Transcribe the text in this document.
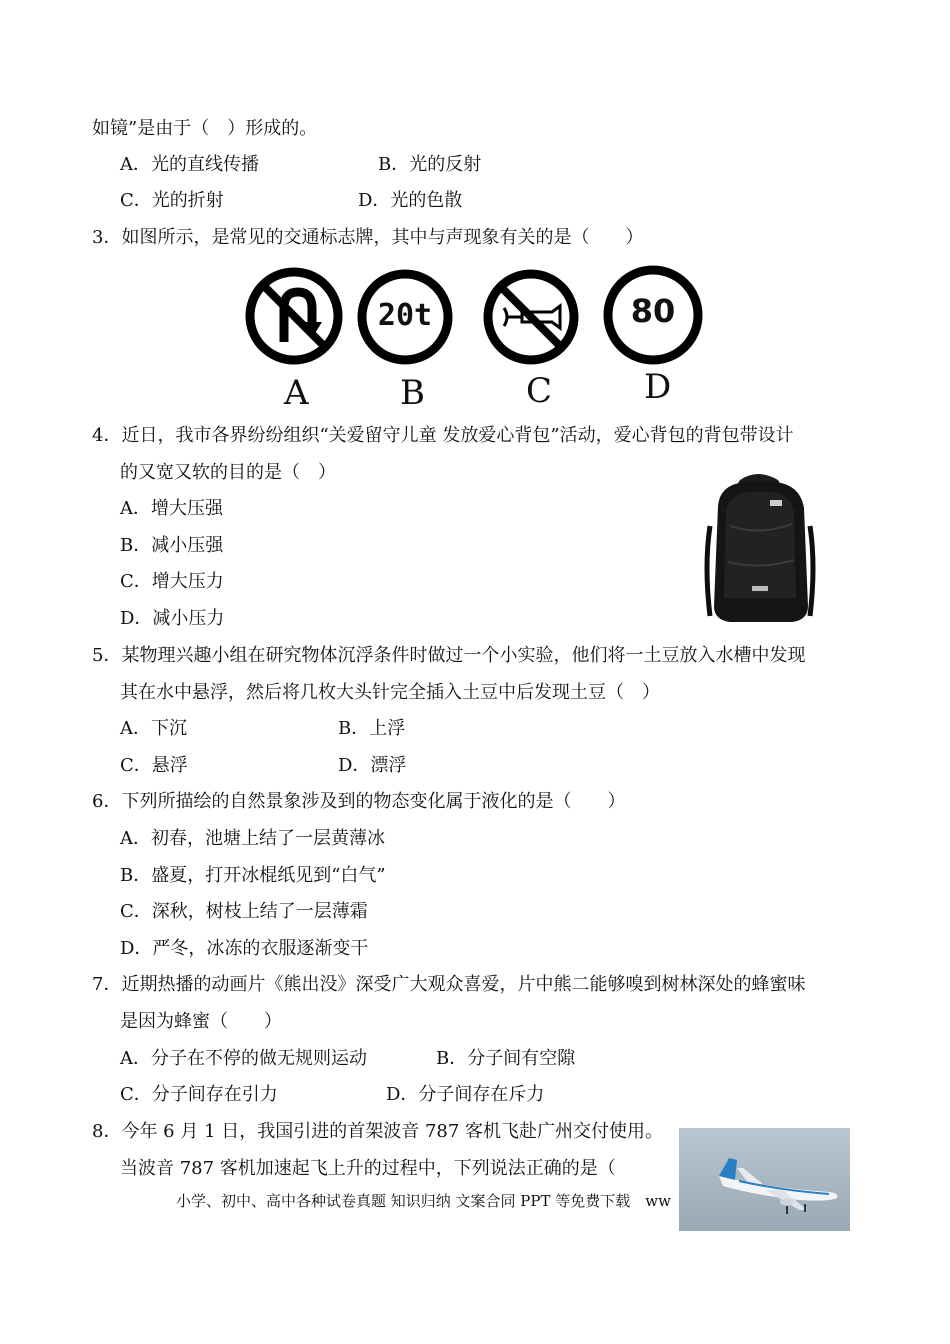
如镜”是由于（　）形成的。
A．光的直线传播	B．光的反射
C．光的折射	D．光的色散
3．如图所示，是常见的交通标志牌，其中与声现象有关的是（　　）
A
20t
B	C
80
D
4．近日，我市各界纷纷组织“关爱留守儿童 发放爱心背包”活动，爱心背包的背包带设计
的又宽又软的目的是（　）
A．增大压强
B．减小压强
C．增大压力
D．减小压力
5．某物理兴趣小组在研究物体沉浮条件时做过一个小实验，他们将一土豆放入水槽中发现
其在水中悬浮，然后将几枚大头针完全插入土豆中后发现土豆（　）
A．下沉	B．上浮
C．悬浮	D．漂浮
6．下列所描绘的自然景象涉及到的物态变化属于液化的是（　　）
A．初春，池塘上结了一层黄薄冰
B．盛夏，打开冰棍纸见到“白气”
C．深秋，树枝上结了一层薄霜
D．严冬，冰冻的衣服逐渐变干
7．近期热播的动画片《熊出没》深受广大观众喜爱，片中熊二能够嗅到树林深处的蜂蜜味
是因为蜂蜜（　　）
A．分子在不停的做无规则运动	B．分子间有空隙
C．分子间存在引力	D．分子间存在斥力
8．今年 6 月 1 日，我国引进的首架波音 787 客机飞赴广州交付使用。
当波音 787 客机加速起飞上升的过程中，下列说法正确的是（
小学、初中、高中各种试卷真题 知识归纳 文案合同 PPT 等免费下载　ww
